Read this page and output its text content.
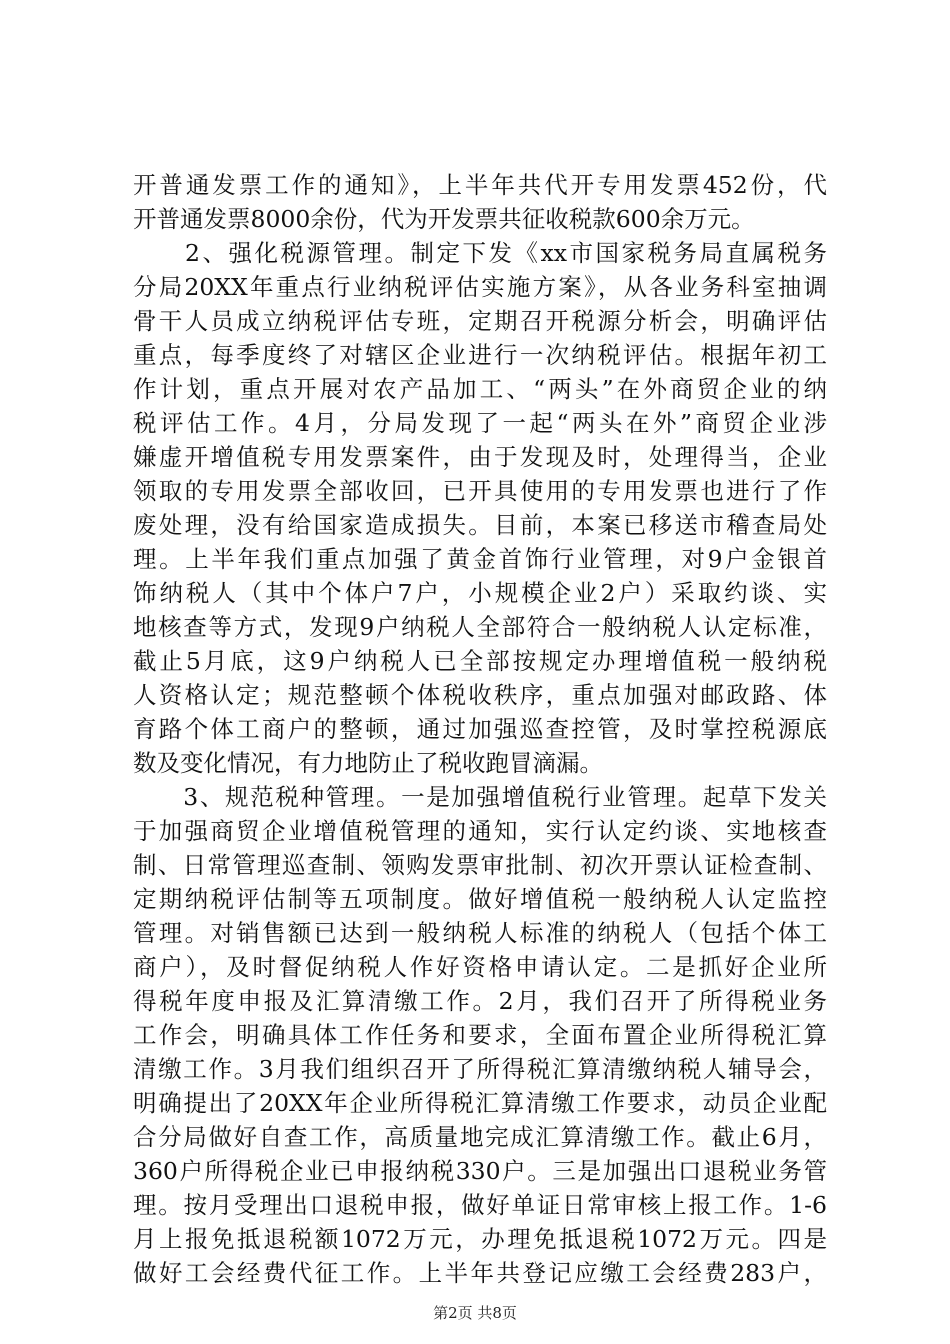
开普通发票工作的通知》，上半年共代开专用发票452份，代
开普通发票8000余份，代为开发票共征收税款600余万元。
　　2、强化税源管理。制定下发《xx市国家税务局直属税务
分局20XX年重点行业纳税评估实施方案》，从各业务科室抽调
骨干人员成立纳税评估专班，定期召开税源分析会，明确评估
重点，每季度终了对辖区企业进行一次纳税评估。根据年初工
作计划，重点开展对农产品加工、“两头”在外商贸企业的纳
税评估工作。4月，分局发现了一起“两头在外”商贸企业涉
嫌虚开增值税专用发票案件，由于发现及时，处理得当，企业
领取的专用发票全部收回，已开具使用的专用发票也进行了作
废处理，没有给国家造成损失。目前，本案已移送市稽查局处
理。上半年我们重点加强了黄金首饰行业管理，对9户金银首
饰纳税人（其中个体户7户，小规模企业2户）采取约谈、实
地核查等方式，发现9户纳税人全部符合一般纳税人认定标准，
截止5月底，这9户纳税人已全部按规定办理增值税一般纳税
人资格认定；规范整顿个体税收秩序，重点加强对邮政路、体
育路个体工商户的整顿，通过加强巡查控管，及时掌控税源底
数及变化情况，有力地防止了税收跑冒滴漏。
　　3、规范税种管理。一是加强增值税行业管理。起草下发关
于加强商贸企业增值税管理的通知，实行认定约谈、实地核查
制、日常管理巡查制、领购发票审批制、初次开票认证检查制、
定期纳税评估制等五项制度。做好增值税一般纳税人认定监控
管理。对销售额已达到一般纳税人标准的纳税人（包括个体工
商户），及时督促纳税人作好资格申请认定。二是抓好企业所
得税年度申报及汇算清缴工作。2月，我们召开了所得税业务
工作会，明确具体工作任务和要求，全面布置企业所得税汇算
清缴工作。3月我们组织召开了所得税汇算清缴纳税人辅导会，
明确提出了20XX年企业所得税汇算清缴工作要求，动员企业配
合分局做好自查工作，高质量地完成汇算清缴工作。截止6月，
360户所得税企业已申报纳税330户。三是加强出口退税业务管
理。按月受理出口退税申报，做好单证日常审核上报工作。1-6
月上报免抵退税额1072万元，办理免抵退税1072万元。四是
做好工会经费代征工作。上半年共登记应缴工会经费283户，
第2页 共8页
